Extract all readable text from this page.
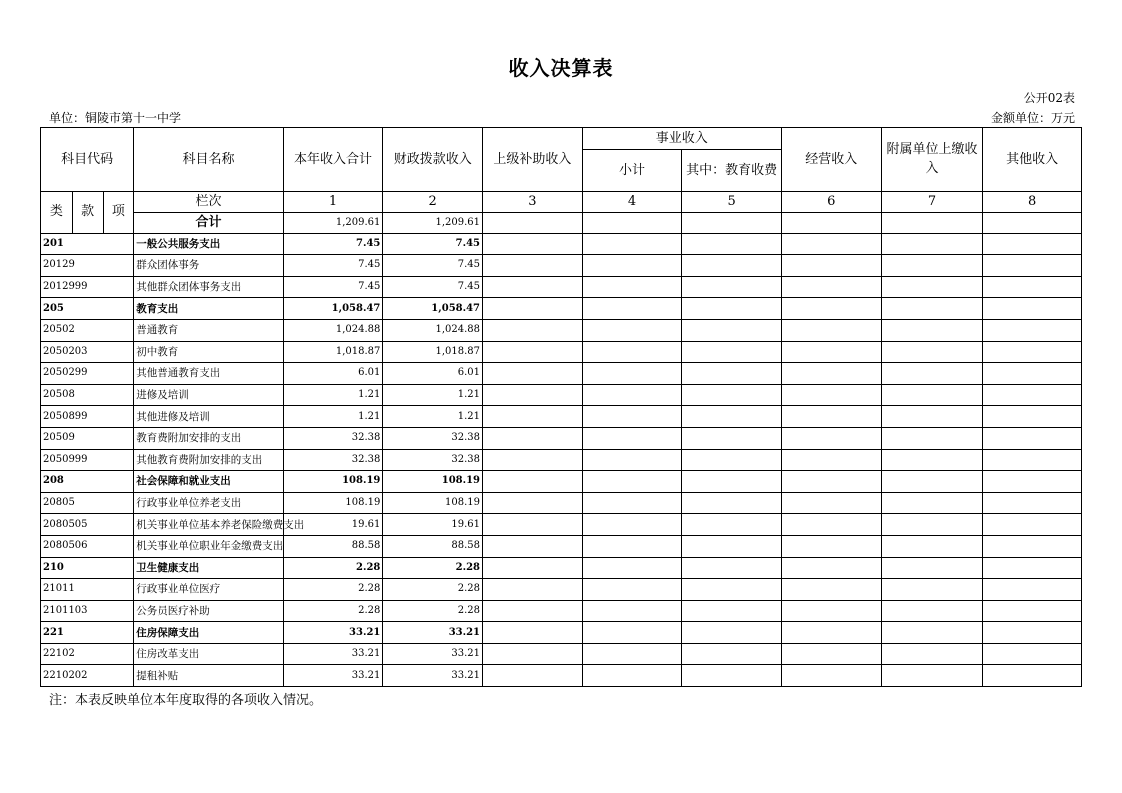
收入决算表
公开02表
单位：铜陵市第十一中学	金额单位：万元
科目代码			科目名称	本年收入合计	财政拨款收入	上级补助收入	事业收入		经营收入	附属单位上缴收入	其他收入
							小计	其中：教育收费			
类	款	项	栏次	1	2	3	4	5	6	7	8
			合计	1,209.61	1,209.61						
201			一般公共服务支出	7.45	7.45						
20129			群众团体事务	7.45	7.45						
2012999			其他群众团体事务支出	7.45	7.45						
205			教育支出	1,058.47	1,058.47						
20502			普通教育	1,024.88	1,024.88						
2050203			初中教育	1,018.87	1,018.87						
2050299			其他普通教育支出	6.01	6.01						
20508			进修及培训	1.21	1.21						
2050899			其他进修及培训	1.21	1.21						
20509			教育费附加安排的支出	32.38	32.38						
2050999			其他教育费附加安排的支出	32.38	32.38						
208			社会保障和就业支出	108.19	108.19						
20805			行政事业单位养老支出	108.19	108.19						
2080505			机关事业单位基本养老保险缴费支出	19.61	19.61						
2080506			机关事业单位职业年金缴费支出	88.58	88.58						
210			卫生健康支出	2.28	2.28						
21011			行政事业单位医疗	2.28	2.28						
2101103			公务员医疗补助	2.28	2.28						
221			住房保障支出	33.21	33.21						
22102			住房改革支出	33.21	33.21						
2210202			提租补贴	33.21	33.21						
注：本表反映单位本年度取得的各项收入情况。
